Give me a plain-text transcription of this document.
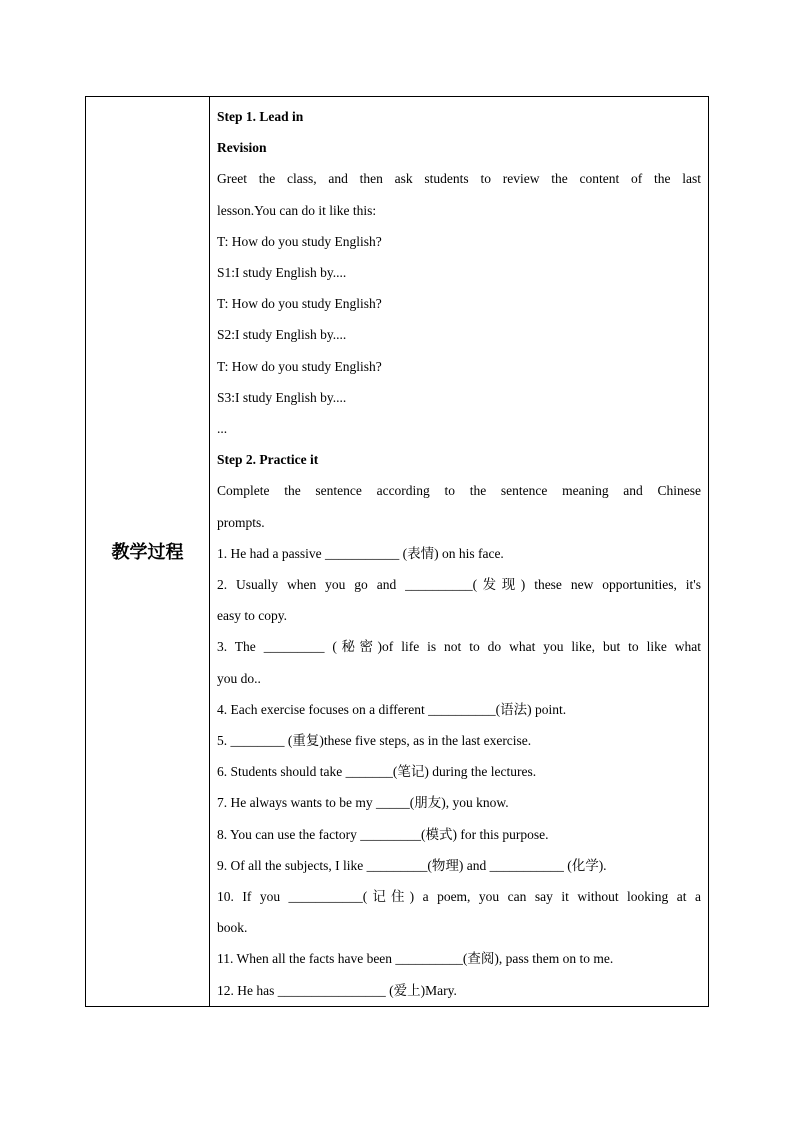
教学过程	
Step 1. Lead in
Revision
Greet the class, and then ask students to review the content of the last
lesson.You can do it like this:
T: How do you study English?
S1:I study English by....
T: How do you study English?
S2:I study English by....
T: How do you study English?
S3:I study English by....
...
Step 2. Practice it
Complete the sentence according to the sentence meaning and Chinese
prompts.
1. He had a passive ___________ (表情) on his face.
2. Usually when you go and __________(发现) these new opportunities, it's
easy to copy.
3. The _________ (秘密)of life is not to do what you like, but to like what
you do..
4. Each exercise focuses on a different __________(语法) point.
5. ________ (重复)these five steps, as in the last exercise.
6. Students should take _______(笔记) during the lectures.
7. He always wants to be my _____(朋友), you know.
8. You can use the factory _________(模式) for this purpose.
9. Of all the subjects, I like _________(物理) and ___________ (化学).
10. If you ___________(记住) a poem, you can say it without looking at a
book.
11. When all the facts have been __________(查阅), pass them on to me.
12. He has ________________ (爱上)Mary.
